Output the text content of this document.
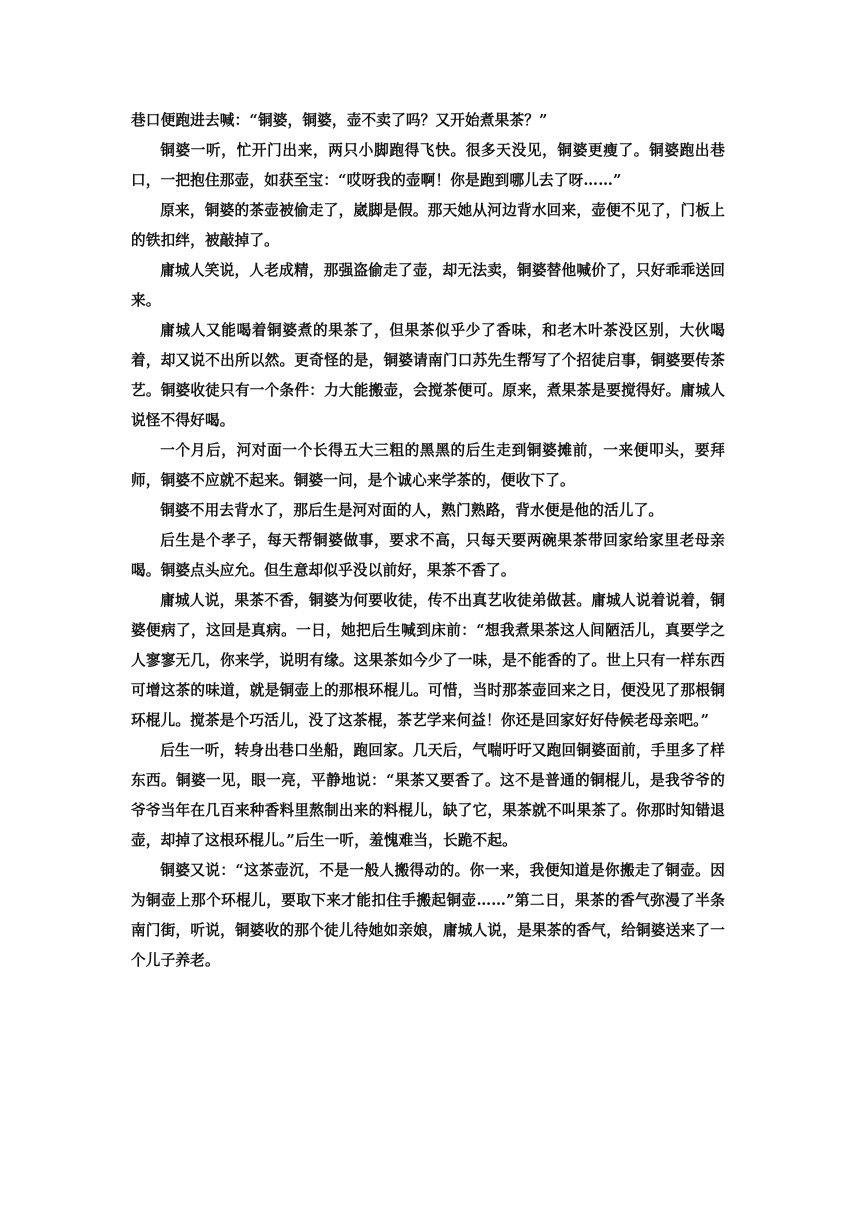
巷口便跑进去喊：“铜婆，铜婆，壶不卖了吗？又开始煮果茶？”

铜婆一听，忙开门出来，两只小脚跑得飞快。很多天没见，铜婆更瘦了。铜婆跑出巷口，一把抱住那壶，如获至宝：“哎呀我的壶啊！你是跑到哪儿去了呀……”

原来，铜婆的茶壶被偷走了，崴脚是假。那天她从河边背水回来，壶便不见了，门板上的铁扣绊，被敲掉了。

庸城人笑说，人老成精，那强盗偷走了壶，却无法卖，铜婆替他喊价了，只好乖乖送回来。

庸城人又能喝着铜婆煮的果茶了，但果茶似乎少了香味，和老木叶茶没区别，大伙喝着，却又说不出所以然。更奇怪的是，铜婆请南门口苏先生帮写了个招徒启事，铜婆要传茶艺。铜婆收徒只有一个条件：力大能搬壶，会搅茶便可。原来，煮果茶是要搅得好。庸城人说怪不得好喝。

一个月后，河对面一个长得五大三粗的黑黑的后生走到铜婆摊前，一来便叩头，要拜师，铜婆不应就不起来。铜婆一问，是个诚心来学茶的，便收下了。

铜婆不用去背水了，那后生是河对面的人，熟门熟路，背水便是他的活儿了。

后生是个孝子，每天帮铜婆做事，要求不高，只每天要两碗果茶带回家给家里老母亲喝。铜婆点头应允。但生意却似乎没以前好，果茶不香了。

庸城人说，果茶不香，铜婆为何要收徒，传不出真艺收徒弟做甚。庸城人说着说着，铜婆便病了，这回是真病。一日，她把后生喊到床前：“想我煮果茶这人间陋活儿，真要学之人寥寥无几，你来学，说明有缘。这果茶如今少了一味，是不能香的了。世上只有一样东西可增这茶的味道，就是铜壶上的那根环棍儿。可惜，当时那茶壶回来之日，便没见了那根铜环棍儿。搅茶是个巧活儿，没了这茶棍，茶艺学来何益！你还是回家好好侍候老母亲吧。”

后生一听，转身出巷口坐船，跑回家。几天后，气喘吁吁又跑回铜婆面前，手里多了样东西。铜婆一见，眼一亮，平静地说：“果茶又要香了。这不是普通的铜棍儿，是我爷爷的爷爷当年在几百来种香料里熬制出来的料棍儿，缺了它，果茶就不叫果茶了。你那时知错退壶，却掉了这根环棍儿。”后生一听，羞愧难当，长跪不起。

铜婆又说：“这茶壶沉，不是一般人搬得动的。你一来，我便知道是你搬走了铜壶。因为铜壶上那个环棍儿，要取下来才能扣住手搬起铜壶……”第二日，果茶的香气弥漫了半条南门街，听说，铜婆收的那个徒儿待她如亲娘，庸城人说，是果茶的香气，给铜婆送来了一个儿子养老。
